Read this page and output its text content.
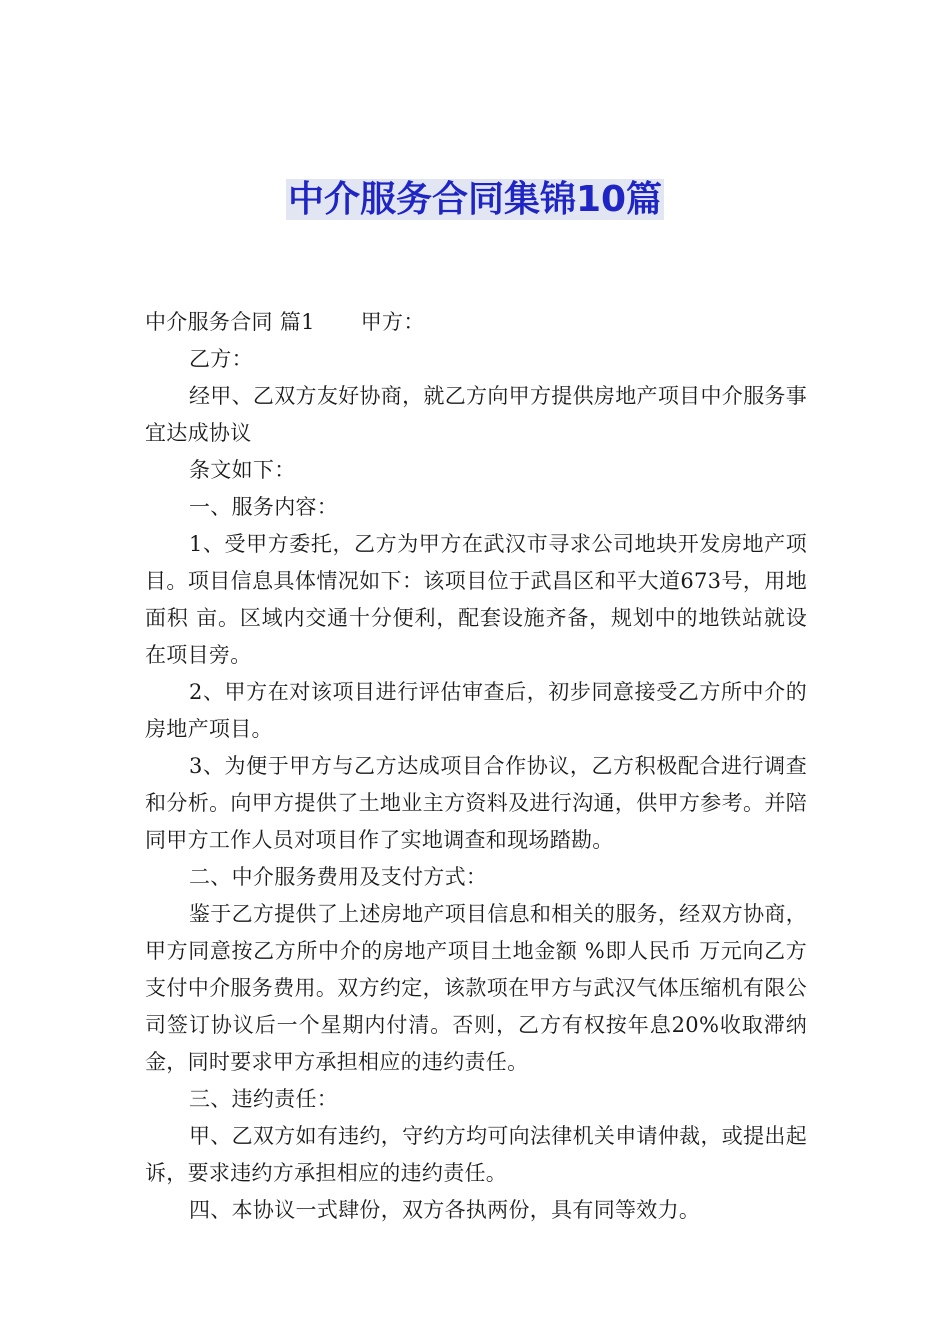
中介服务合同集锦10篇

中介服务合同 篇1 甲方：

乙方：

经甲、乙双方友好协商，就乙方向甲方提供房地产项目中介服务事宜达成协议

条文如下：

一、服务内容：

1、受甲方委托，乙方为甲方在武汉市寻求公司地块开发房地产项目。项目信息具体情况如下：该项目位于武昌区和平大道673号，用地面积 亩。区域内交通十分便利，配套设施齐备，规划中的地铁站就设在项目旁。

2、甲方在对该项目进行评估审查后，初步同意接受乙方所中介的房地产项目。

3、为便于甲方与乙方达成项目合作协议，乙方积极配合进行调查和分析。向甲方提供了土地业主方资料及进行沟通，供甲方参考。并陪同甲方工作人员对项目作了实地调查和现场踏勘。

二、中介服务费用及支付方式：

鉴于乙方提供了上述房地产项目信息和相关的服务，经双方协商，甲方同意按乙方所中介的房地产项目土地金额 %即人民币 万元向乙方支付中介服务费用。双方约定，该款项在甲方与武汉气体压缩机有限公司签订协议后一个星期内付清。否则，乙方有权按年息20%收取滞纳金，同时要求甲方承担相应的违约责任。

三、违约责任：

甲、乙双方如有违约，守约方均可向法律机关申请仲裁，或提出起诉，要求违约方承担相应的违约责任。

四、本协议一式肆份，双方各执两份，具有同等效力。
